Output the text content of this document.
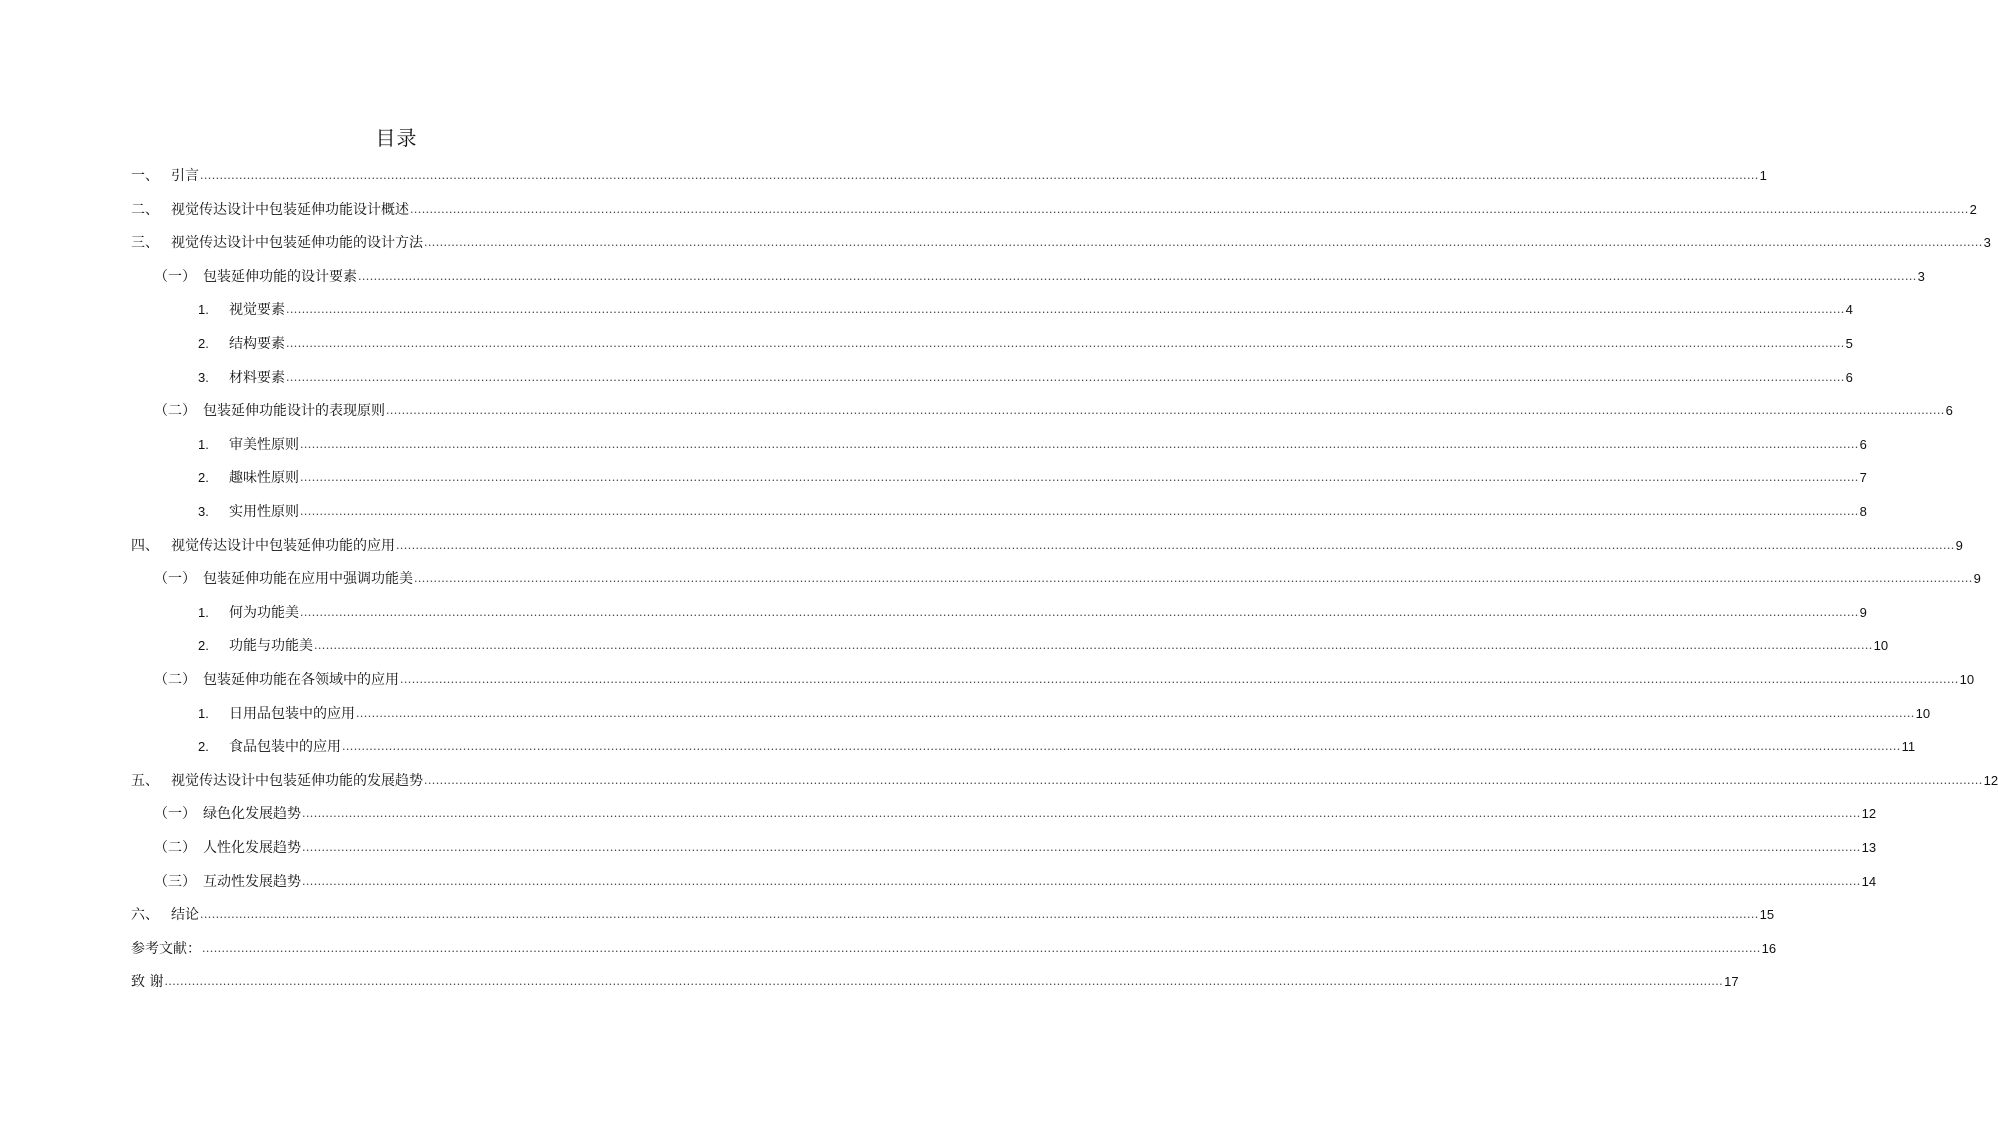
目录
一、 引言 ................................................................................................................................................................................................................................................................................................................................................................................................................ 1
二、 视觉传达设计中包装延伸功能设计概述 ................................................................................................................................................................................................................................................................................................................................................................................................................ 2
三、 视觉传达设计中包装延伸功能的设计方法 ................................................................................................................................................................................................................................................................................................................................................................................................................ 3
（一） 包装延伸功能的设计要素 ................................................................................................................................................................................................................................................................................................................................................................................................................ 3
1.	视觉要素 ................................................................................................................................................................................................................................................................................................................................................................................................................ 4
2.	结构要素 ................................................................................................................................................................................................................................................................................................................................................................................................................ 5
3.	材料要素 ................................................................................................................................................................................................................................................................................................................................................................................................................ 6
（二） 包装延伸功能设计的表现原则 ................................................................................................................................................................................................................................................................................................................................................................................................................ 6
1.	审美性原则 ................................................................................................................................................................................................................................................................................................................................................................................................................ 6
2.	趣味性原则 ................................................................................................................................................................................................................................................................................................................................................................................................................ 7
3.	实用性原则 ................................................................................................................................................................................................................................................................................................................................................................................................................ 8
四、 视觉传达设计中包装延伸功能的应用 ................................................................................................................................................................................................................................................................................................................................................................................................................ 9
（一） 包装延伸功能在应用中强调功能美 ................................................................................................................................................................................................................................................................................................................................................................................................................ 9
1.	何为功能美 ................................................................................................................................................................................................................................................................................................................................................................................................................ 9
2.	功能与功能美 ................................................................................................................................................................................................................................................................................................................................................................................................................ 10
（二） 包装延伸功能在各领域中的应用 ................................................................................................................................................................................................................................................................................................................................................................................................................ 10
1.	日用品包装中的应用 ................................................................................................................................................................................................................................................................................................................................................................................................................ 10
2.	食品包装中的应用 ................................................................................................................................................................................................................................................................................................................................................................................................................ 11
五、 视觉传达设计中包装延伸功能的发展趋势 ................................................................................................................................................................................................................................................................................................................................................................................................................ 12
（一） 绿色化发展趋势 ................................................................................................................................................................................................................................................................................................................................................................................................................ 12
（二） 人性化发展趋势 ................................................................................................................................................................................................................................................................................................................................................................................................................ 13
（三） 互动性发展趋势 ................................................................................................................................................................................................................................................................................................................................................................................................................ 14
六、 结论 ................................................................................................................................................................................................................................................................................................................................................................................................................ 15
参考文献： ................................................................................................................................................................................................................................................................................................................................................................................................................ 16
致 谢 ................................................................................................................................................................................................................................................................................................................................................................................................................ 17
